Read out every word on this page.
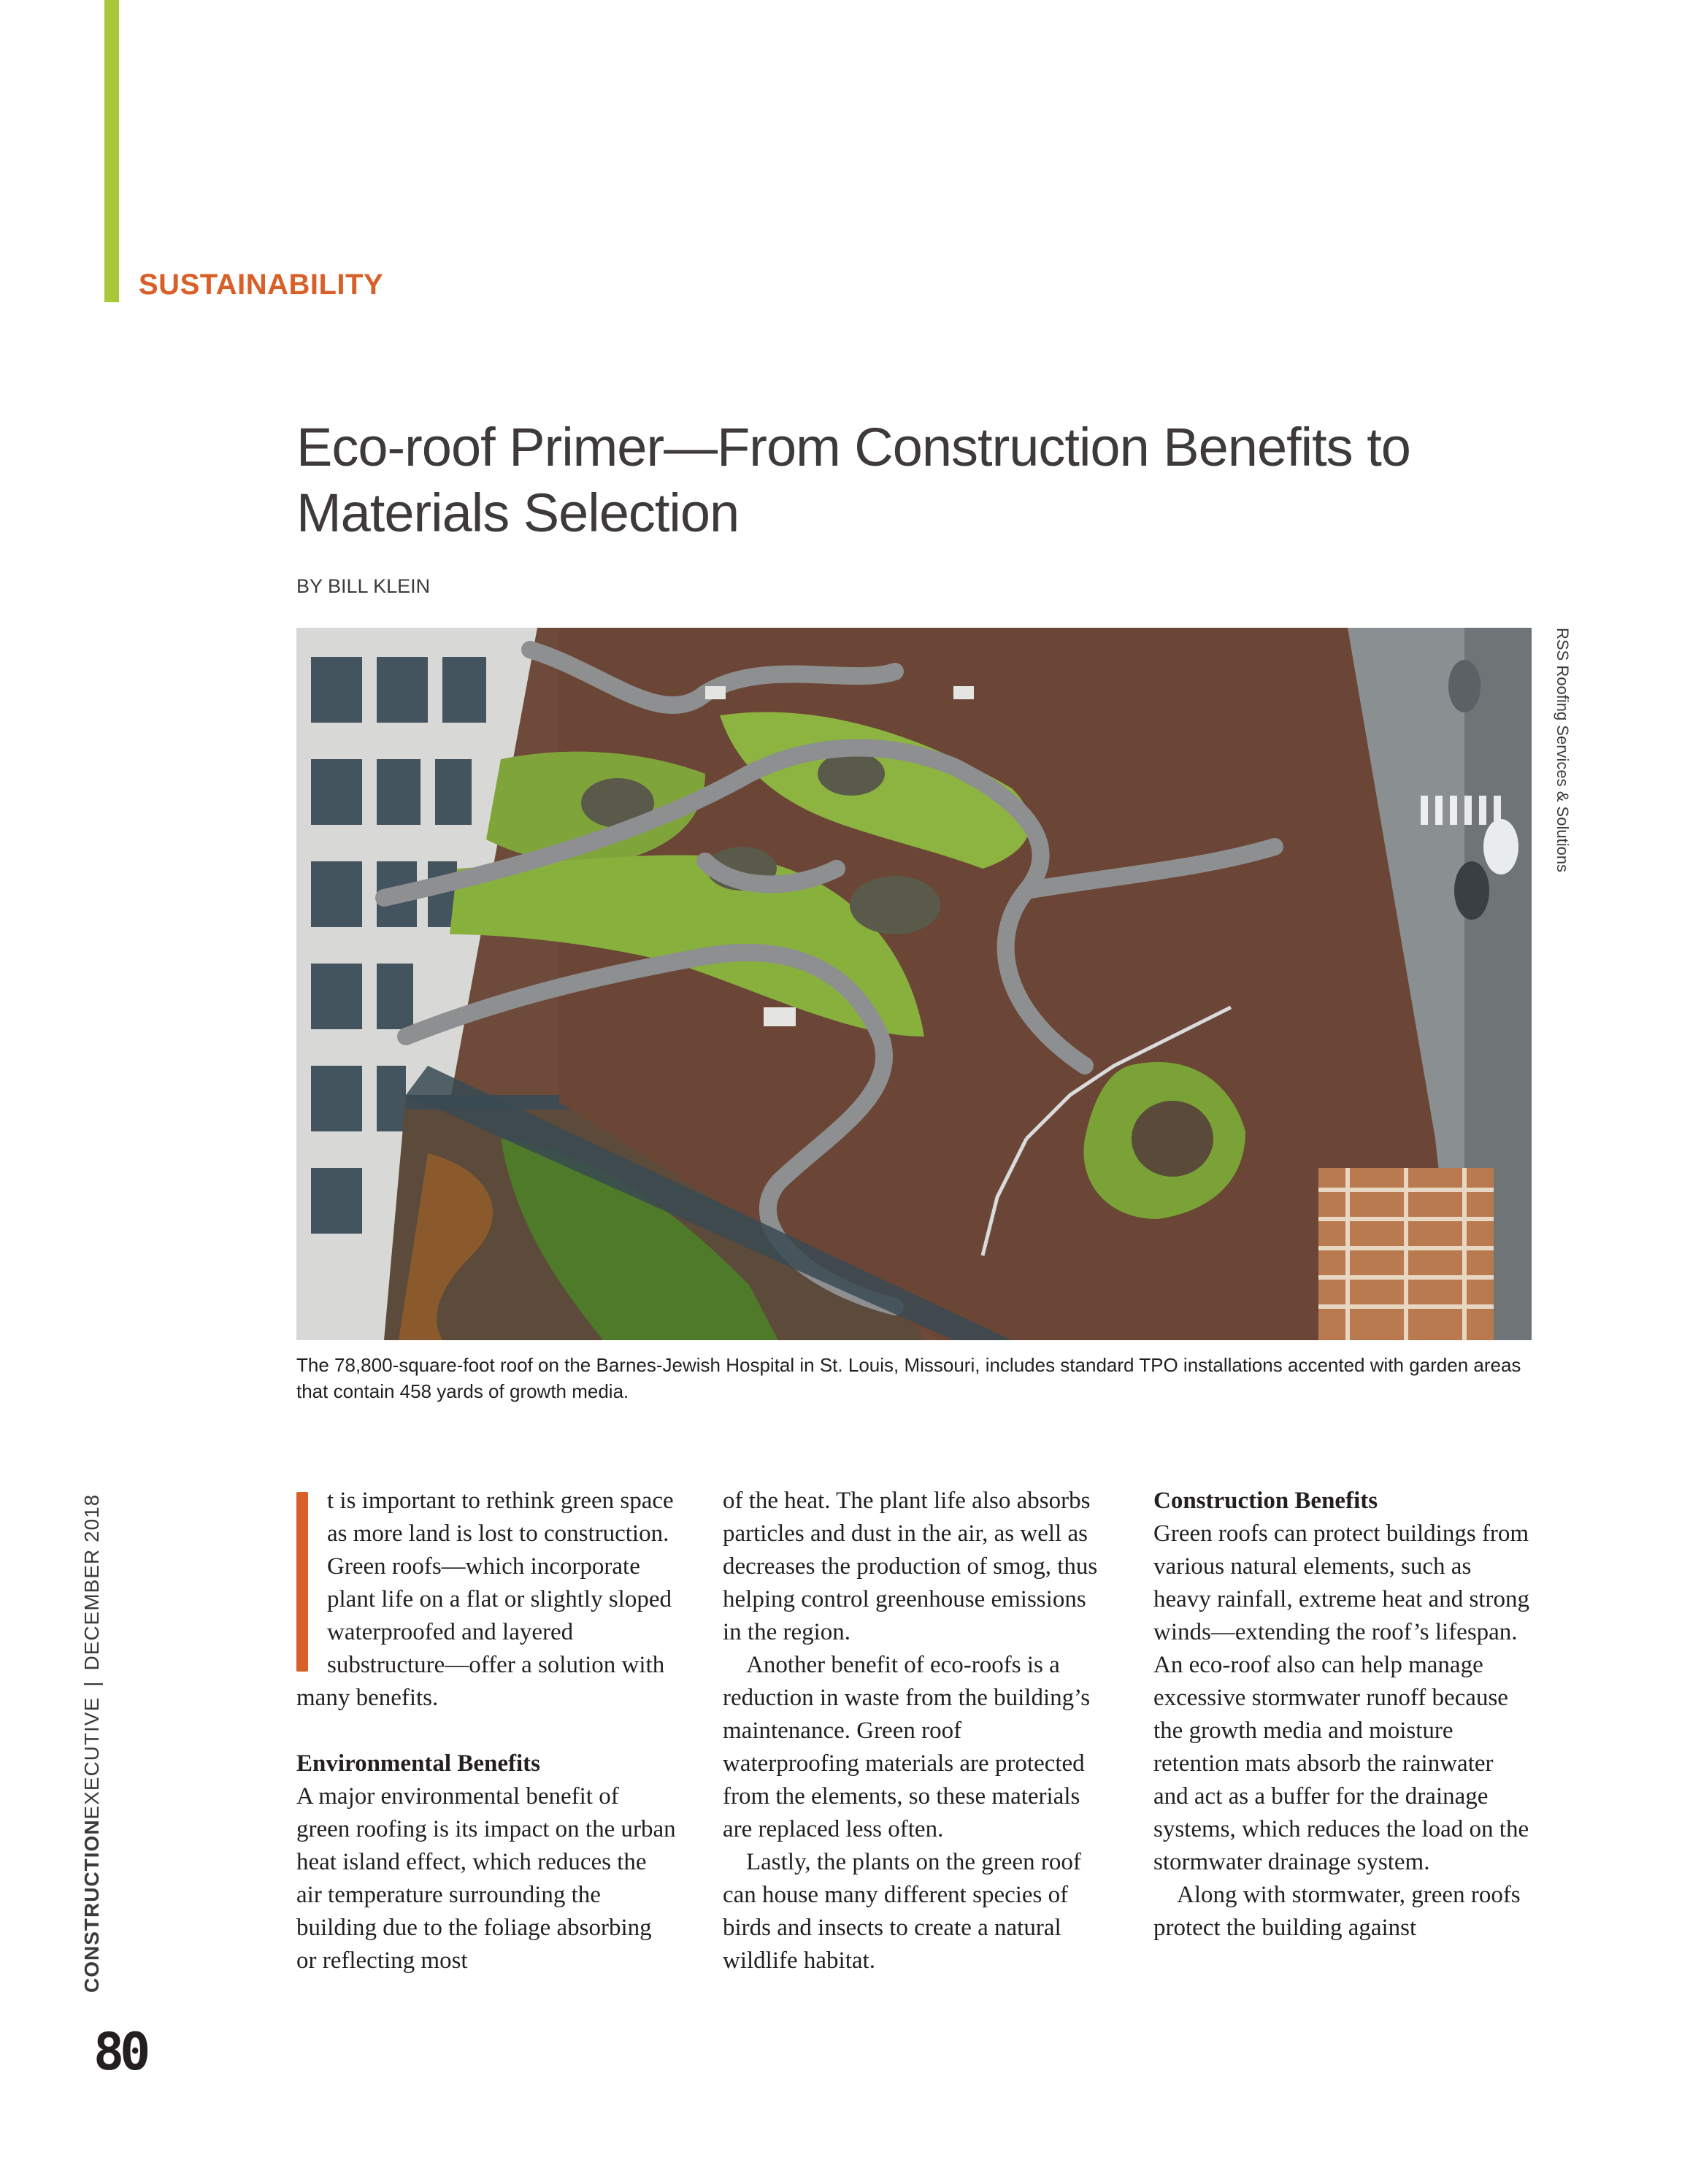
SUSTAINABILITY
Eco-roof Primer—From Construction Benefits to Materials Selection
BY BILL KLEIN
RSS Roofing Services & Solutions
The 78,800-square-foot roof on the Barnes-Jewish Hospital in St. Louis, Missouri, includes standard TPO installations accented with garden areas that contain 458 yards of growth media.
CONSTRUCTIONEXECUTIVE|DECEMBER 2018
80

t is important to rethink green space as more land is lost to construction. Green roofs—which incorporate plant life on a flat or slightly sloped waterproofed and layered substructure—offer a solution with many benefits.

Environmental Benefits

A major environmental benefit of green roofing is its impact on the urban heat island effect, which reduces the air temperature surrounding the building due to the foliage absorbing or reflecting most

of the heat. The plant life also absorbs particles and dust in the air, as well as decreases the production of smog, thus helping control greenhouse emissions in the region.

Another benefit of eco-roofs is a reduction in waste from the building’s maintenance. Green roof waterproofing materials are protected from the elements, so these materials are replaced less often.

Lastly, the plants on the green roof can house many different species of birds and insects to create a natural wildlife habitat.

Construction Benefits

Green roofs can protect buildings from various natural elements, such as heavy rainfall, extreme heat and strong winds—extending the roof’s lifespan. An eco-roof also can help manage excessive stormwater runoff because the growth media and moisture retention mats absorb the rainwater and act as a buffer for the drainage systems, which reduces the load on the stormwater drainage system.

Along with stormwater, green roofs protect the building against
